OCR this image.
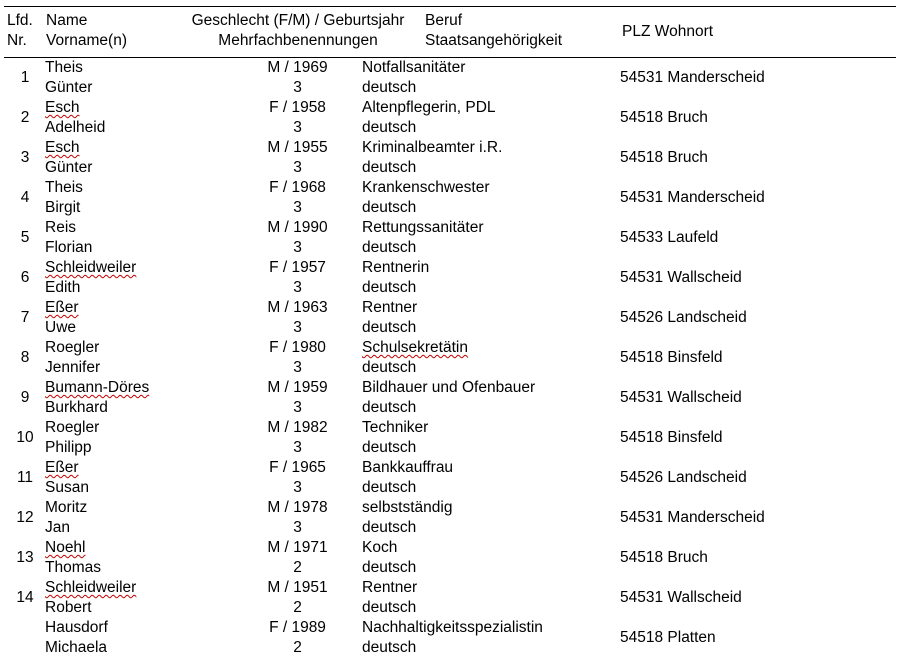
Lfd.
Nr.
Name
Vorname(n)
Geschlecht (F/M) / Geburtsjahr
Mehrfachbenennungen
Beruf
Staatsangehörigkeit
PLZ Wohnort
1
Theis
Günter
M / 1969
3
Notfallsanitäter
deutsch
54531 Manderscheid
2
Esch
Adelheid
F / 1958
3
Altenpflegerin, PDL
deutsch
54518 Bruch
3
Esch
Günter
M / 1955
3
Kriminalbeamter i.R.
deutsch
54518 Bruch
4
Theis
Birgit
F / 1968
3
Krankenschwester
deutsch
54531 Manderscheid
5
Reis
Florian
M / 1990
3
Rettungssanitäter
deutsch
54533 Laufeld
6
Schleidweiler
Edith
F / 1957
3
Rentnerin
deutsch
54531 Wallscheid
7
Eßer
Uwe
M / 1963
3
Rentner
deutsch
54526 Landscheid
8
Roegler
Jennifer
F / 1980
3
Schulsekretätin
deutsch
54518 Binsfeld
9
Bumann-Döres
Burkhard
M / 1959
3
Bildhauer und Ofenbauer
deutsch
54531 Wallscheid
10
Roegler
Philipp
M / 1982
3
Techniker
deutsch
54518 Binsfeld
11
Eßer
Susan
F / 1965
3
Bankkauffrau
deutsch
54526 Landscheid
12
Moritz
Jan
M / 1978
3
selbstständig
deutsch
54531 Manderscheid
13
Noehl
Thomas
M / 1971
2
Koch
deutsch
54518 Bruch
14
Schleidweiler
Robert
M / 1951
2
Rentner
deutsch
54531 Wallscheid
Hausdorf
Michaela
F / 1989
2
Nachhaltigkeitsspezialistin
deutsch
54518 Platten
